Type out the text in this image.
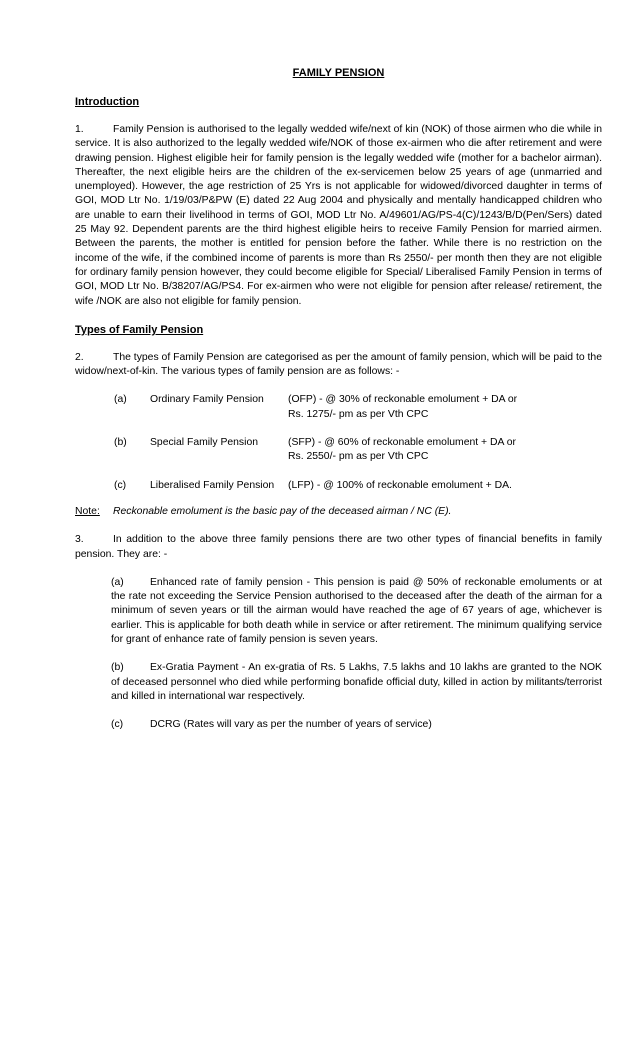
FAMILY PENSION
Introduction
1.	Family Pension is authorised to the legally wedded wife/next of kin (NOK) of those airmen who die while in service. It is also authorized to the legally wedded wife/NOK of those ex-airmen who die after retirement and were drawing pension. Highest eligible heir for family pension is the legally wedded wife (mother for a bachelor airman). Thereafter, the next eligible heirs are the children of the ex-servicemen below 25 years of age (unmarried and unemployed). However, the age restriction of 25 Yrs is not applicable for widowed/divorced daughter in terms of GOI, MOD Ltr No. 1/19/03/P&PW (E) dated 22 Aug 2004 and physically and mentally handicapped children who are unable to earn their livelihood in terms of GOI, MOD Ltr No. A/49601/AG/PS-4(C)/1243/B/D(Pen/Sers) dated 25 May 92. Dependent parents are the third highest eligible heirs to receive Family Pension for married airmen. Between the parents, the mother is entitled for pension before the father. While there is no restriction on the income of the wife, if the combined income of parents is more than Rs 2550/- per month then they are not eligible for ordinary family pension however, they could become eligible for Special/ Liberalised Family Pension in terms of GOI, MOD Ltr No. B/38207/AG/PS4. For ex-airmen who were not eligible for pension after release/ retirement, the wife /NOK are also not eligible for family pension.
Types of Family Pension
2.	The types of Family Pension are categorised as per the amount of family pension, which will be paid to the widow/next-of-kin. The various types of family pension are as follows: -
(a)	Ordinary Family Pension	(OFP) - @ 30% of reckonable emolument + DA or
Rs. 1275/- pm as per Vth CPC
(b)	Special Family Pension	(SFP) - @ 60% of reckonable emolument + DA or
Rs. 2550/- pm as per Vth CPC
(c)	Liberalised Family Pension	(LFP) - @ 100% of reckonable emolument + DA.
Note: Reckonable emolument is the basic pay of the deceased airman / NC (E).
3.	In addition to the above three family pensions there are two other types of financial benefits in family pension. They are: -
(a)	Enhanced rate of family pension - This pension is paid @ 50% of reckonable emoluments or at the rate not exceeding the Service Pension authorised to the deceased after the death of the airman for a minimum of seven years or till the airman would have reached the age of 67 years of age, whichever is earlier. This is applicable for both death while in service or after retirement. The minimum qualifying service for grant of enhance rate of family pension is seven years.
(b)	Ex-Gratia Payment - An ex-gratia of Rs. 5 Lakhs, 7.5 lakhs and 10 lakhs are granted to the NOK of deceased personnel who died while performing bonafide official duty, killed in action by militants/terrorist and killed in international war respectively.
(c)	DCRG (Rates will vary as per the number of years of service)
